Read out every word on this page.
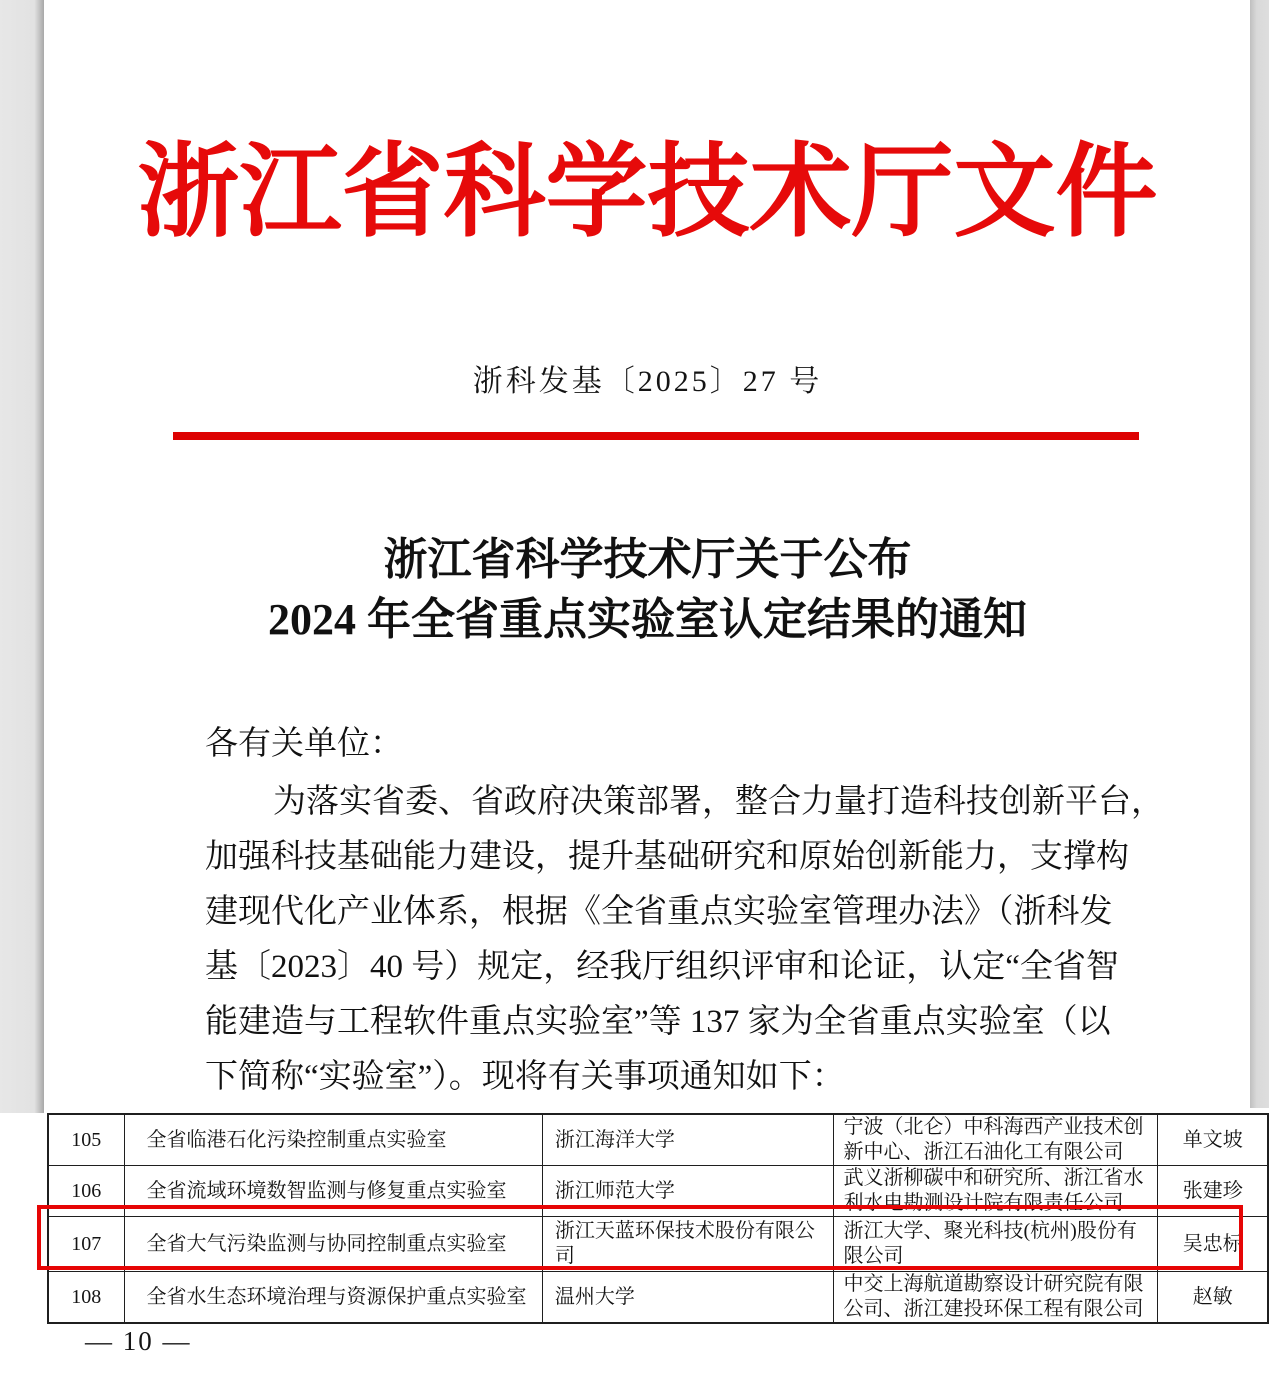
浙江省科学技术厅文件
浙科发基〔2025〕27 号
浙江省科学技术厅关于公布
2024 年全省重点实验室认定结果的通知
各有关单位：
为落实省委、省政府决策部署，整合力量打造科技创新平台，
加强科技基础能力建设，提升基础研究和原始创新能力，支撑构
建现代化产业体系，根据《全省重点实验室管理办法》（浙科发
基〔2023〕40 号）规定，经我厅组织评审和论证，认定“全省智
能建造与工程软件重点实验室”等 137 家为全省重点实验室（以
下简称“实验室”）。现将有关事项通知如下：
105	全省临港石化污染控制重点实验室	浙江海洋大学	宁波（北仑）中科海西产业技术创新中心、浙江石油化工有限公司	单文坡
106	全省流域环境数智监测与修复重点实验室	浙江师范大学	武义浙柳碳中和研究所、浙江省水利水电勘测设计院有限责任公司	张建珍
107	全省大气污染监测与协同控制重点实验室	浙江天蓝环保技术股份有限公司	浙江大学、聚光科技(杭州)股份有限公司	吴忠标
108	全省水生态环境治理与资源保护重点实验室	温州大学	中交上海航道勘察设计研究院有限公司、浙江建投环保工程有限公司	赵敏
— 10 —
